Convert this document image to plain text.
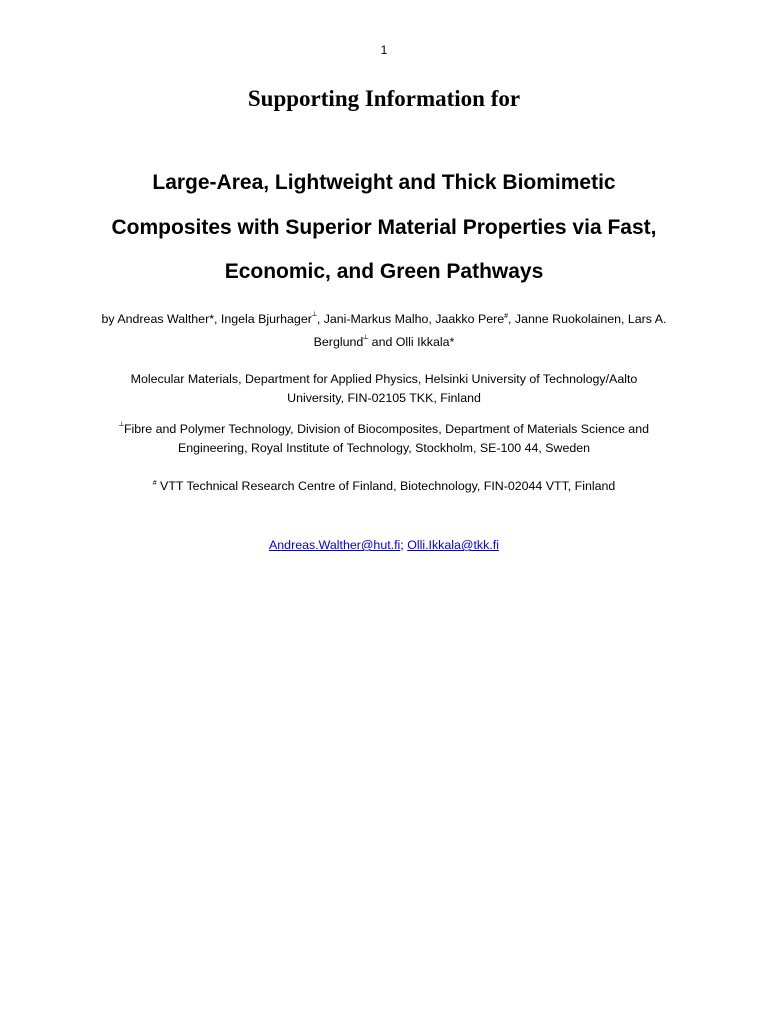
1
Supporting Information for
Large-Area, Lightweight and Thick Biomimetic
Composites with Superior Material Properties via Fast,
Economic, and Green Pathways
by Andreas Walther*, Ingela Bjurhager┴, Jani-Markus Malho, Jaakko Pere#, Janne Ruokolainen, Lars A.
Berglund┴ and Olli Ikkala*
Molecular Materials, Department for Applied Physics, Helsinki University of Technology/Aalto
University, FIN-02105 TKK, Finland
┴Fibre and Polymer Technology, Division of Biocomposites, Department of Materials Science and
Engineering, Royal Institute of Technology, Stockholm, SE-100 44, Sweden
# VTT Technical Research Centre of Finland, Biotechnology, FIN-02044 VTT, Finland
Andreas.Walther@hut.fi; Olli.Ikkala@tkk.fi
